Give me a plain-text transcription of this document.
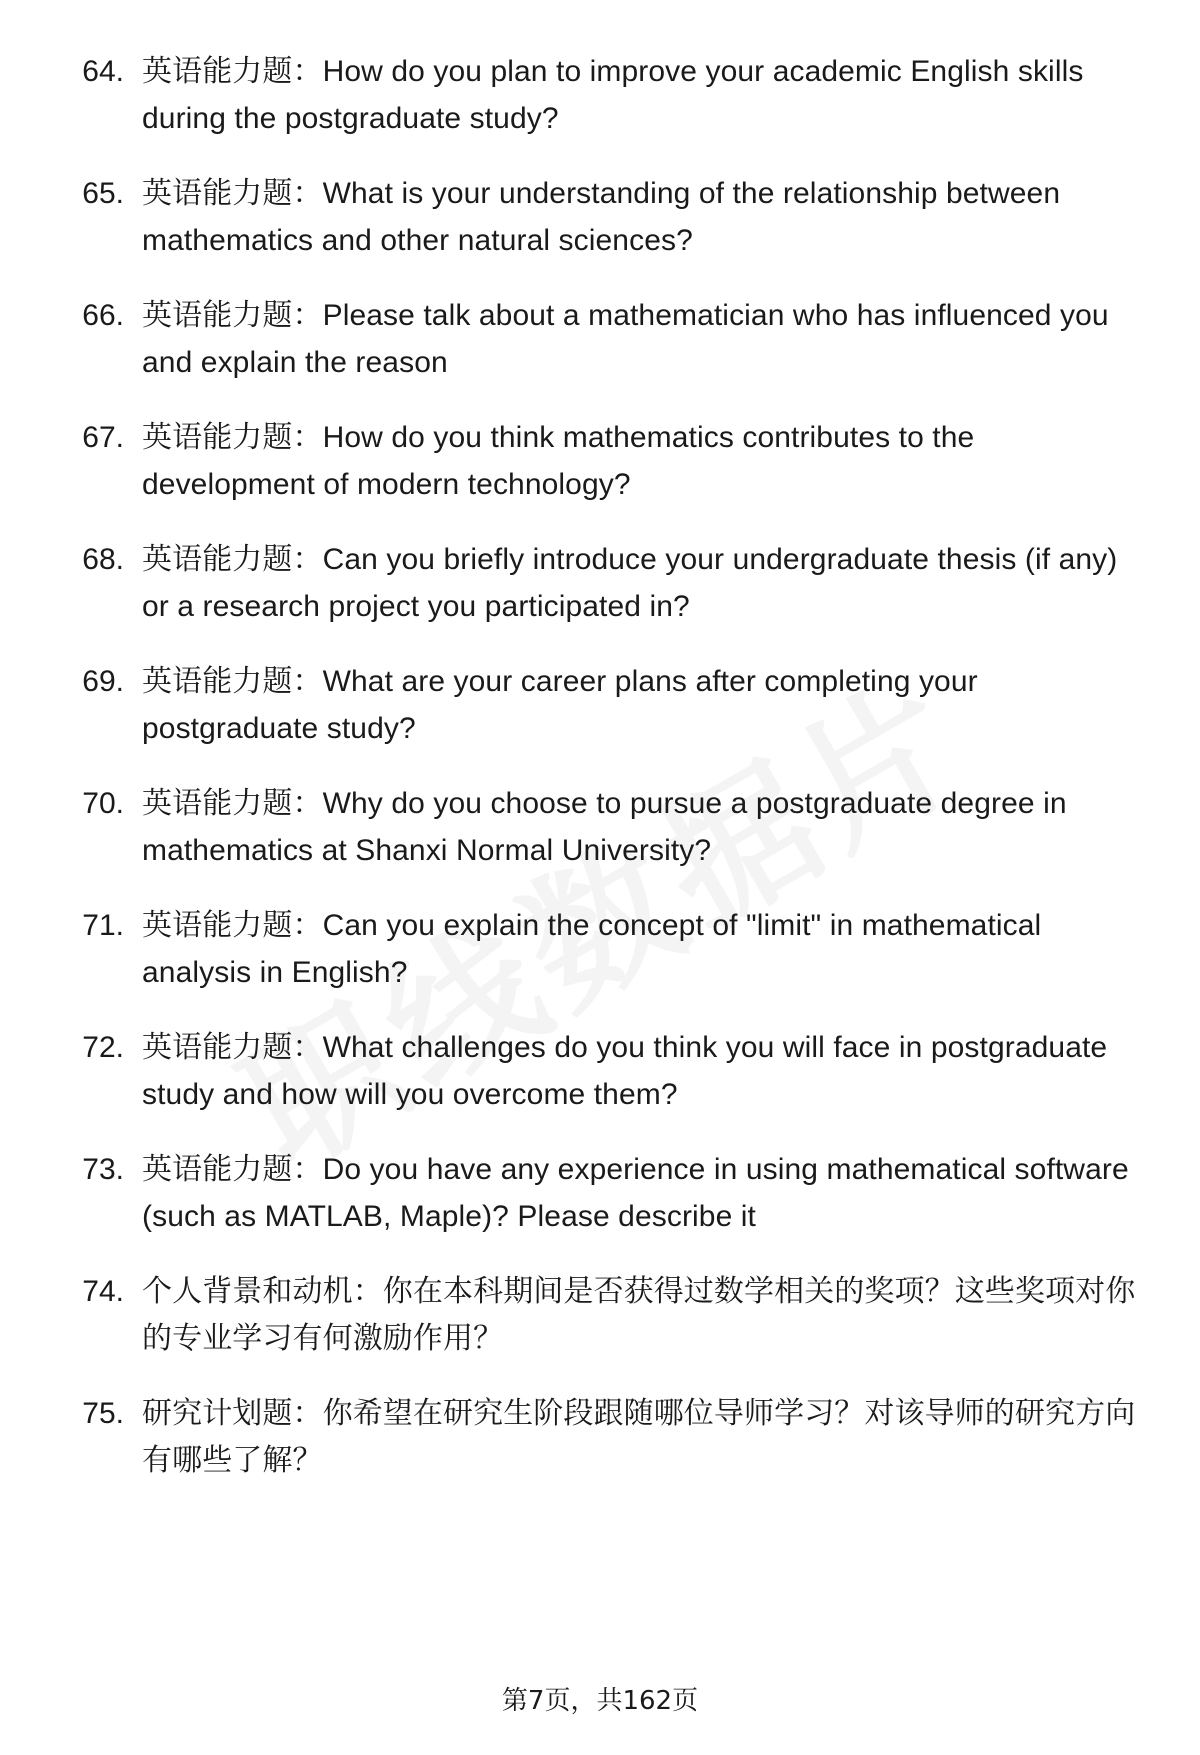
64. 英语能力题：How do you plan to improve your academic English skills during the postgraduate study?
65. 英语能力题：What is your understanding of the relationship between mathematics and other natural sciences?
66. 英语能力题：Please talk about a mathematician who has influenced you and explain the reason
67. 英语能力题：How do you think mathematics contributes to the development of modern technology?
68. 英语能力题：Can you briefly introduce your undergraduate thesis (if any) or a research project you participated in?
69. 英语能力题：What are your career plans after completing your postgraduate study?
70. 英语能力题：Why do you choose to pursue a postgraduate degree in mathematics at Shanxi Normal University?
71. 英语能力题：Can you explain the concept of "limit" in mathematical analysis in English?
72. 英语能力题：What challenges do you think you will face in postgraduate study and how will you overcome them?
73. 英语能力题：Do you have any experience in using mathematical software (such as MATLAB, Maple)? Please describe it
74. 个人背景和动机：你在本科期间是否获得过数学相关的奖项？这些奖项对你的专业学习有何激励作用？
75. 研究计划题：你希望在研究生阶段跟随哪位导师学习？对该导师的研究方向有哪些了解？
第7页，共162页
